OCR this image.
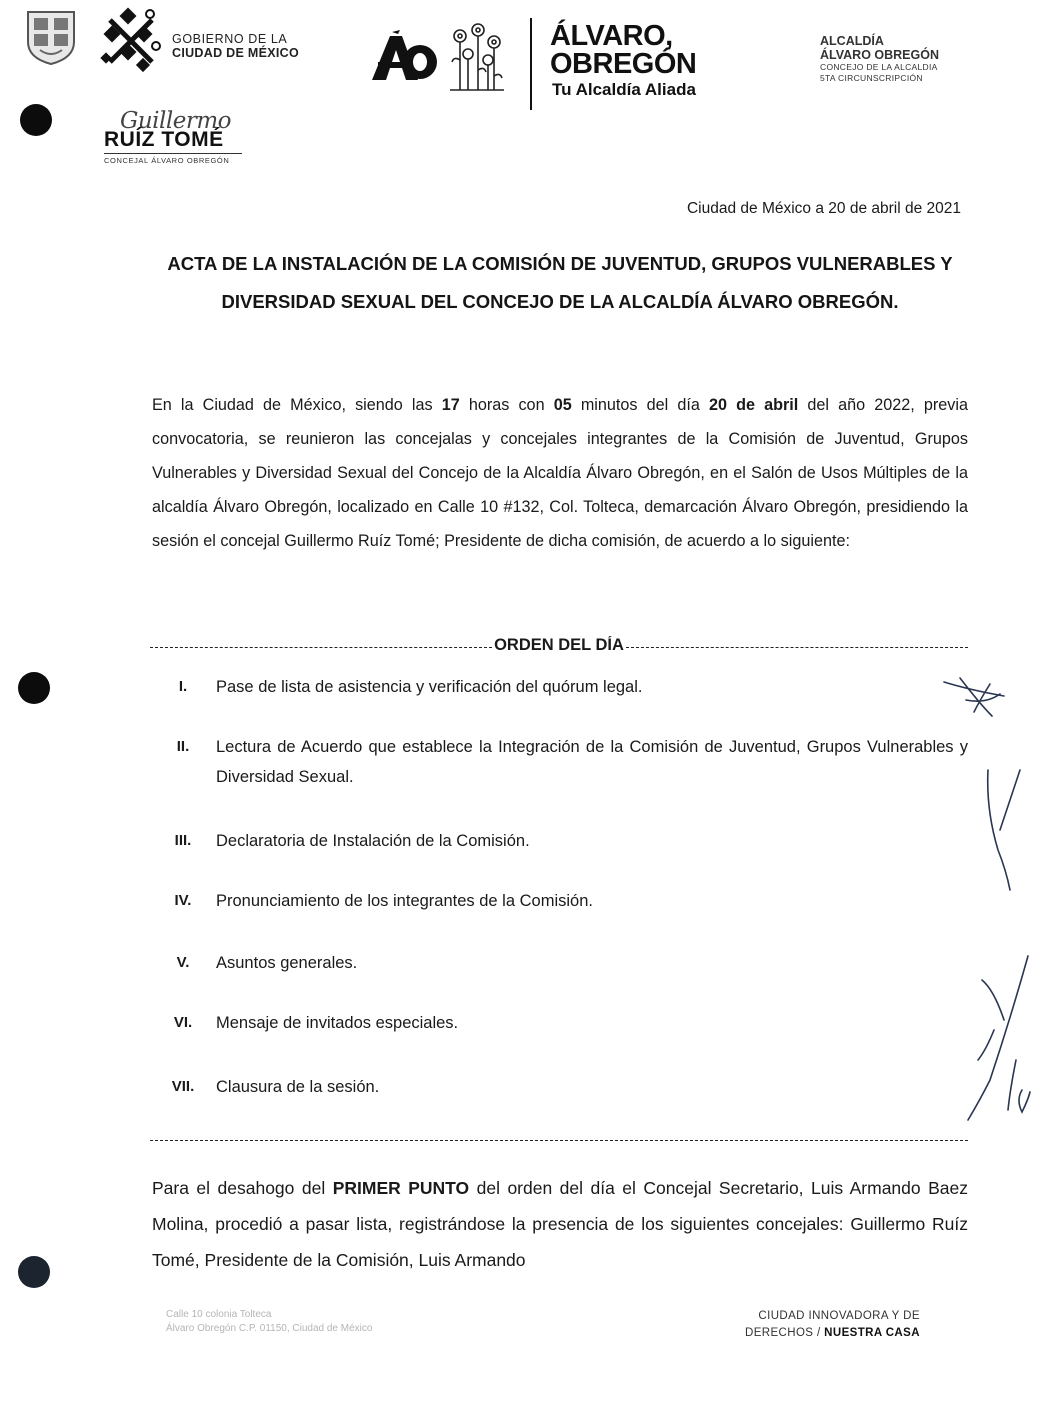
GOBIERNO DE LA
CIUDAD DE MÉXICO
ÁLVARO,
OBREGÓN
Tu Alcaldía Aliada
ALCALDÍA
ÁLVARO OBREGÓN
CONCEJO DE LA ALCALDIA
5TA CIRCUNSCRIPCIÓN
Guillermo
RUÍZ TOMÉ
CONCEJAL ÁLVARO OBREGÓN
Ciudad de México a 20 de abril de 2021
ACTA DE LA INSTALACIÓN DE LA COMISIÓN DE JUVENTUD, GRUPOS VULNERABLES Y DIVERSIDAD SEXUAL DEL CONCEJO DE LA ALCALDÍA ÁLVARO OBREGÓN.
En la Ciudad de México, siendo las 17 horas con 05 minutos del día 20 de abril del año 2022, previa convocatoria, se reunieron las concejalas y concejales integrantes de la Comisión de Juventud, Grupos Vulnerables y Diversidad Sexual del Concejo de la Alcaldía Álvaro Obregón, en el Salón de Usos Múltiples de la alcaldía Álvaro Obregón, localizado en Calle 10 #132, Col. Tolteca, demarcación Álvaro Obregón, presidiendo la sesión el concejal Guillermo Ruíz Tomé; Presidente de dicha comisión, de acuerdo a lo siguiente:
ORDEN DEL DÍA
I.	Pase de lista de asistencia y verificación del quórum legal.
II.	Lectura de Acuerdo que establece la Integración de la Comisión de Juventud, Grupos Vulnerables y Diversidad Sexual.
III.	Declaratoria de Instalación de la Comisión.
IV.	Pronunciamiento de los integrantes de la Comisión.
V.	Asuntos generales.
VI.	Mensaje de invitados especiales.
VII.	Clausura de la sesión.
Para el desahogo del PRIMER PUNTO del orden del día el Concejal Secretario, Luis Armando Baez Molina, procedió a pasar lista, registrándose la presencia de los siguientes concejales: Guillermo Ruíz Tomé, Presidente de la Comisión, Luis Armando
Calle 10 colonia Tolteca
Álvaro Obregón C.P. 01150, Ciudad de México
CIUDAD INNOVADORA Y DE
DERECHOS / NUESTRA CASA
